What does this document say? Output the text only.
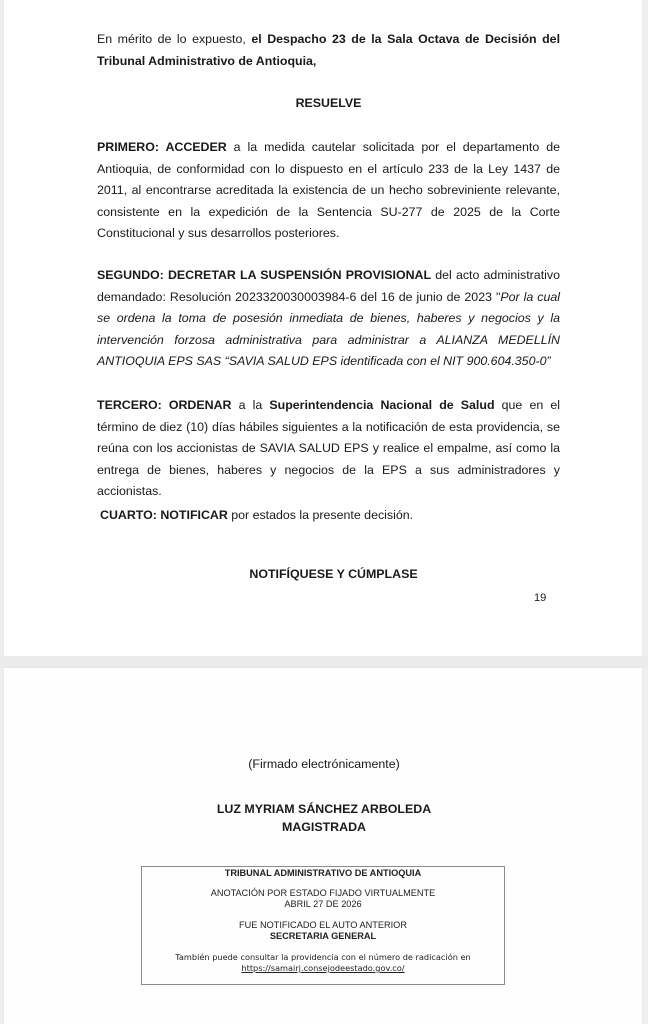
En mérito de lo expuesto, el Despacho 23 de la Sala Octava de Decisión del Tribunal Administrativo de Antioquia,
RESUELVE
PRIMERO: ACCEDER a la medida cautelar solicitada por el departamento de Antioquia, de conformidad con lo dispuesto en el artículo 233 de la Ley 1437 de 2011, al encontrarse acreditada la existencia de un hecho sobreviniente relevante, consistente en la expedición de la Sentencia SU-277 de 2025 de la Corte Constitucional y sus desarrollos posteriores.
SEGUNDO: DECRETAR LA SUSPENSIÓN PROVISIONAL del acto administrativo demandado: Resolución 2023320030003984-6 del 16 de junio de 2023 "Por la cual se ordena la toma de posesión inmediata de bienes, haberes y negocios y la intervención forzosa administrativa para administrar a ALIANZA MEDELLÍN ANTIOQUIA EPS SAS “SAVIA SALUD EPS identificada con el NIT 900.604.350-0”
TERCERO: ORDENAR a la Superintendencia Nacional de Salud que en el término de diez (10) días hábiles siguientes a la notificación de esta providencia, se reúna con los accionistas de SAVIA SALUD EPS y realice el empalme, así como la entrega de bienes, haberes y negocios de la EPS a sus administradores y accionistas.
CUARTO: NOTIFICAR por estados la presente decisión.
NOTIFÍQUESE Y CÚMPLASE
19
(Firmado electrónicamente)
LUZ MYRIAM SÁNCHEZ ARBOLEDA
MAGISTRADA
TRIBUNAL ADMINISTRATIVO DE ANTIOQUIA
ANOTACIÓN POR ESTADO FIJADO VIRTUALMENTE
ABRIL 27 DE 2026
FUE NOTIFICADO EL AUTO ANTERIOR
SECRETARIA GENERAL
También puede consultar la providencia con el número de radicación en
https://samairj.consejodeestado.gov.co/
